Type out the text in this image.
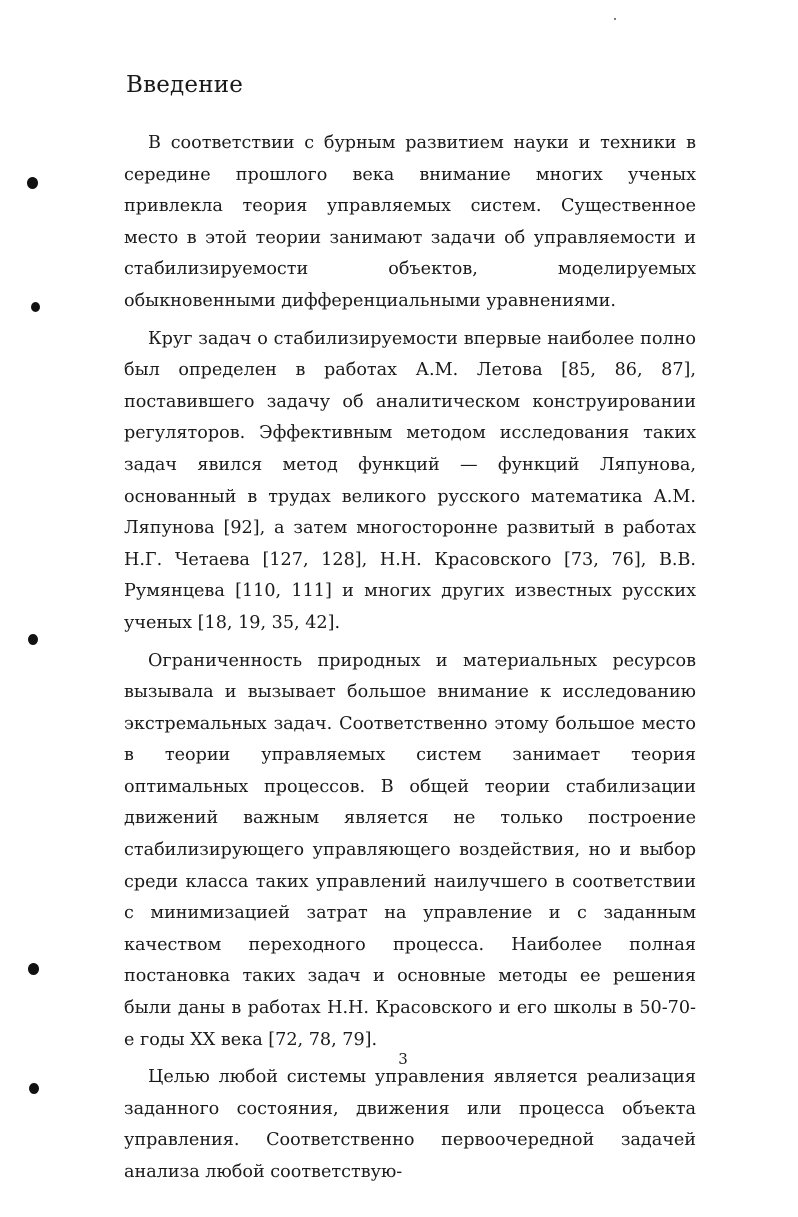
Введение

В соответствии с бурным развитием науки и техники в середине прошлого века внимание многих ученых привлекла теория управляемых систем. Существенное место в этой теории занимают задачи об управляемости и стабилизируемости объектов, моделируемых обыкновенными дифференциальными уравнениями.

Круг задач о стабилизируемости впервые наиболее полно был определен в работах А.М. Летова [85, 86, 87], поставившего задачу об аналитическом конструировании регуляторов. Эффективным методом исследования таких задач явился метод функций — функций Ляпунова, основанный в трудах великого русского математика А.М. Ляпунова [92], а затем многосторонне развитый в работах Н.Г. Четаева [127, 128], Н.Н. Красовского [73, 76], В.В. Румянцева [110, 111] и многих других известных русских ученых [18, 19, 35, 42].

Ограниченность природных и материальных ресурсов вызывала и вызывает большое внимание к исследованию экстремальных задач. Соответственно этому большое место в теории управляемых систем занимает теория оптимальных процессов. В общей теории стабилизации движений важным является не только построение стабилизирующего управляющего воздействия, но и выбор среди класса таких управлений наилучшего в соответствии с минимизацией затрат на управление и с заданным качеством переходного процесса. Наиболее полная постановка таких задач и основные методы ее решения были даны в работах Н.Н. Красовского и его школы в 50-70-е годы XX века [72, 78, 79].

Целью любой системы управления является реализация заданного состояния, движения или процесса объекта управления. Соответственно первоочередной задачей анализа любой соответствую-

3
